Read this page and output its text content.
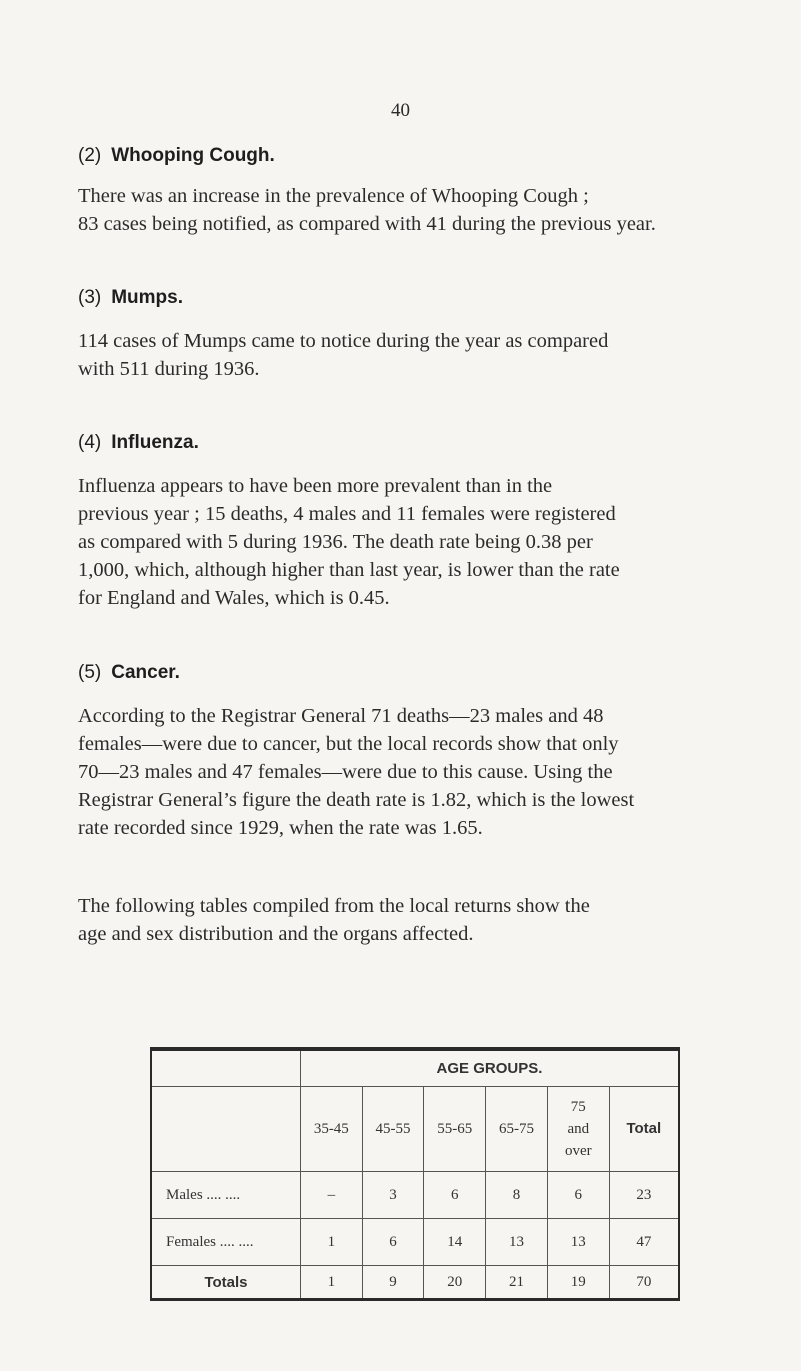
40
(2) Whooping Cough.
There was an increase in the prevalence of Whooping Cough ;
83 cases being notified, as compared with 41 during the previous year.
(3) Mumps.
114 cases of Mumps came to notice during the year as compared
with 511 during 1936.
(4) Influenza.
Influenza appears to have been more prevalent than in the
previous year ; 15 deaths, 4 males and 11 females were registered
as compared with 5 during 1936. The death rate being 0.38 per
1,000, which, although higher than last year, is lower than the rate
for England and Wales, which is 0.45.
(5) Cancer.
According to the Registrar General 71 deaths—23 males and 48
females—were due to cancer, but the local records show that only
70—23 males and 47 females—were due to this cause. Using the
Registrar General’s figure the death rate is 1.82, which is the lowest
rate recorded since 1929, when the rate was 1.65.
The following tables compiled from the local returns show the
age and sex distribution and the organs affected.
	AGE GROUPS.					
	35-45	45-55	55-65	65-75	75
and
over	Total
Males .... ....	–	3	6	8	6	23
Females .... ....	1	6	14	13	13	47
Totals	1	9	20	21	19	70
